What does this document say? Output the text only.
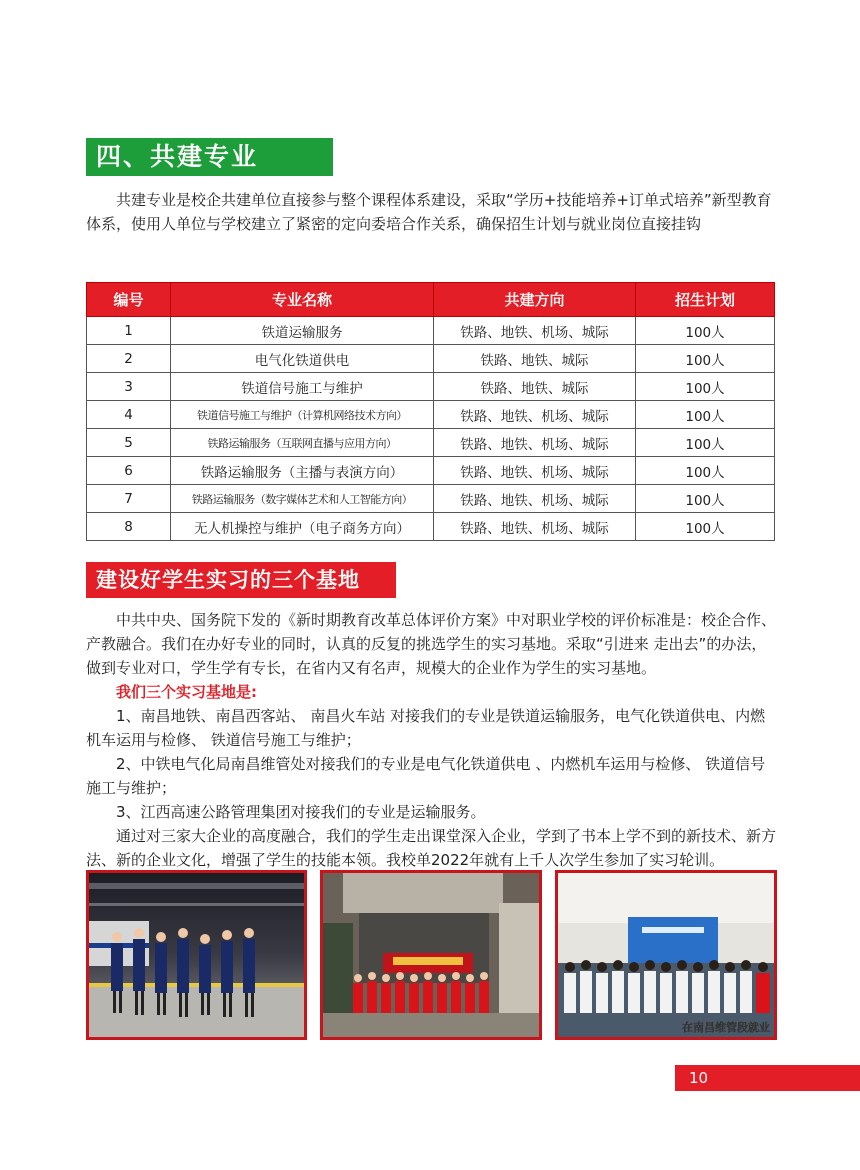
四、共建专业

共建专业是校企共建单位直接参与整个课程体系建设，采取“学历+技能培养+订单式培养”新型教育体系，使用人单位与学校建立了紧密的定向委培合作关系，确保招生计划与就业岗位直接挂钩

编号	专业名称	共建方向	招生计划
1	铁道运输服务	铁路、地铁、机场、城际	100人
2	电气化铁道供电	铁路、地铁、城际	100人
3	铁道信号施工与维护	铁路、地铁、城际	100人
4	铁道信号施工与维护（计算机网络技术方向）	铁路、地铁、机场、城际	100人
5	铁路运输服务（互联网直播与应用方向）	铁路、地铁、机场、城际	100人
6	铁路运输服务（主播与表演方向）	铁路、地铁、机场、城际	100人
7	铁路运输服务（数字媒体艺术和人工智能方向）	铁路、地铁、机场、城际	100人
8	无人机操控与维护（电子商务方向）	铁路、地铁、机场、城际	100人
建设好学生实习的三个基地

中共中央、国务院下发的《新时期教育改革总体评价方案》中对职业学校的评价标准是：校企合作、产教融合。我们在办好专业的同时，认真的反复的挑选学生的实习基地。采取“引进来 走出去”的办法，做到专业对口，学生学有专长，在省内又有名声，规模大的企业作为学生的实习基地。

我们三个实习基地是:

1、南昌地铁、南昌西客站、 南昌火车站 对接我们的专业是铁道运输服务，电气化铁道供电、内燃机车运用与检修、 铁道信号施工与维护；

2、中铁电气化局南昌维管处对接我们的专业是电气化铁道供电 、内燃机车运用与检修、 铁道信号施工与维护；

3、江西高速公路管理集团对接我们的专业是运输服务。

通过对三家大企业的高度融合，我们的学生走出课堂深入企业，学到了书本上学不到的新技术、新方法、新的企业文化，增强了学生的技能本领。我校单2022年就有上千人次学生参加了实习轮训。

在南昌维管段就业
10
